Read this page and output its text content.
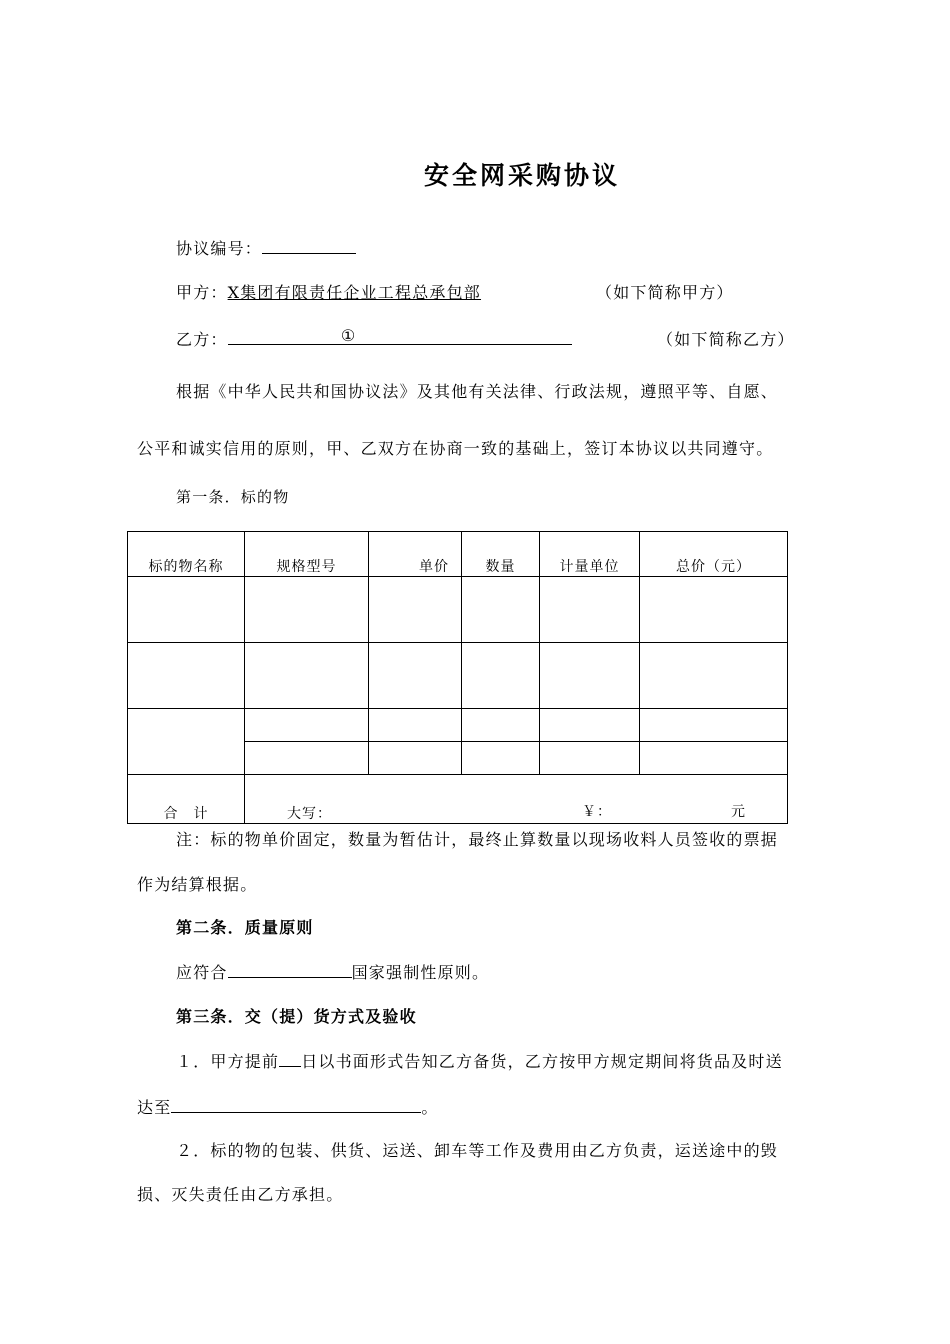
安全网采购协议
协议编号：
甲方：X集团有限责任企业工程总承包部	（如下简称甲方）
乙方：	①	（如下简称乙方）
根据《中华人民共和国协议法》及其他有关法律、行政法规，遵照平等、自愿、
公平和诚实信用的原则，甲、乙双方在协商一致的基础上，签订本协议以共同遵守。
第一条．标的物
标的物名称	规格型号	单价	数量	计量单位	总价（元）

合　计	大写： ￥： 元				
注：标的物单价固定，数量为暂估计，最终止算数量以现场收料人员签收的票据
作为结算根据。
第二条．质量原则
应符合	国家强制性原则。
第三条．交（提）货方式及验收
１．甲方提前 日以书面形式告知乙方备货，乙方按甲方规定期间将货品及时送
达至	。
２．标的物的包装、供货、运送、卸车等工作及费用由乙方负责，运送途中的毁
损、灭失责任由乙方承担。
